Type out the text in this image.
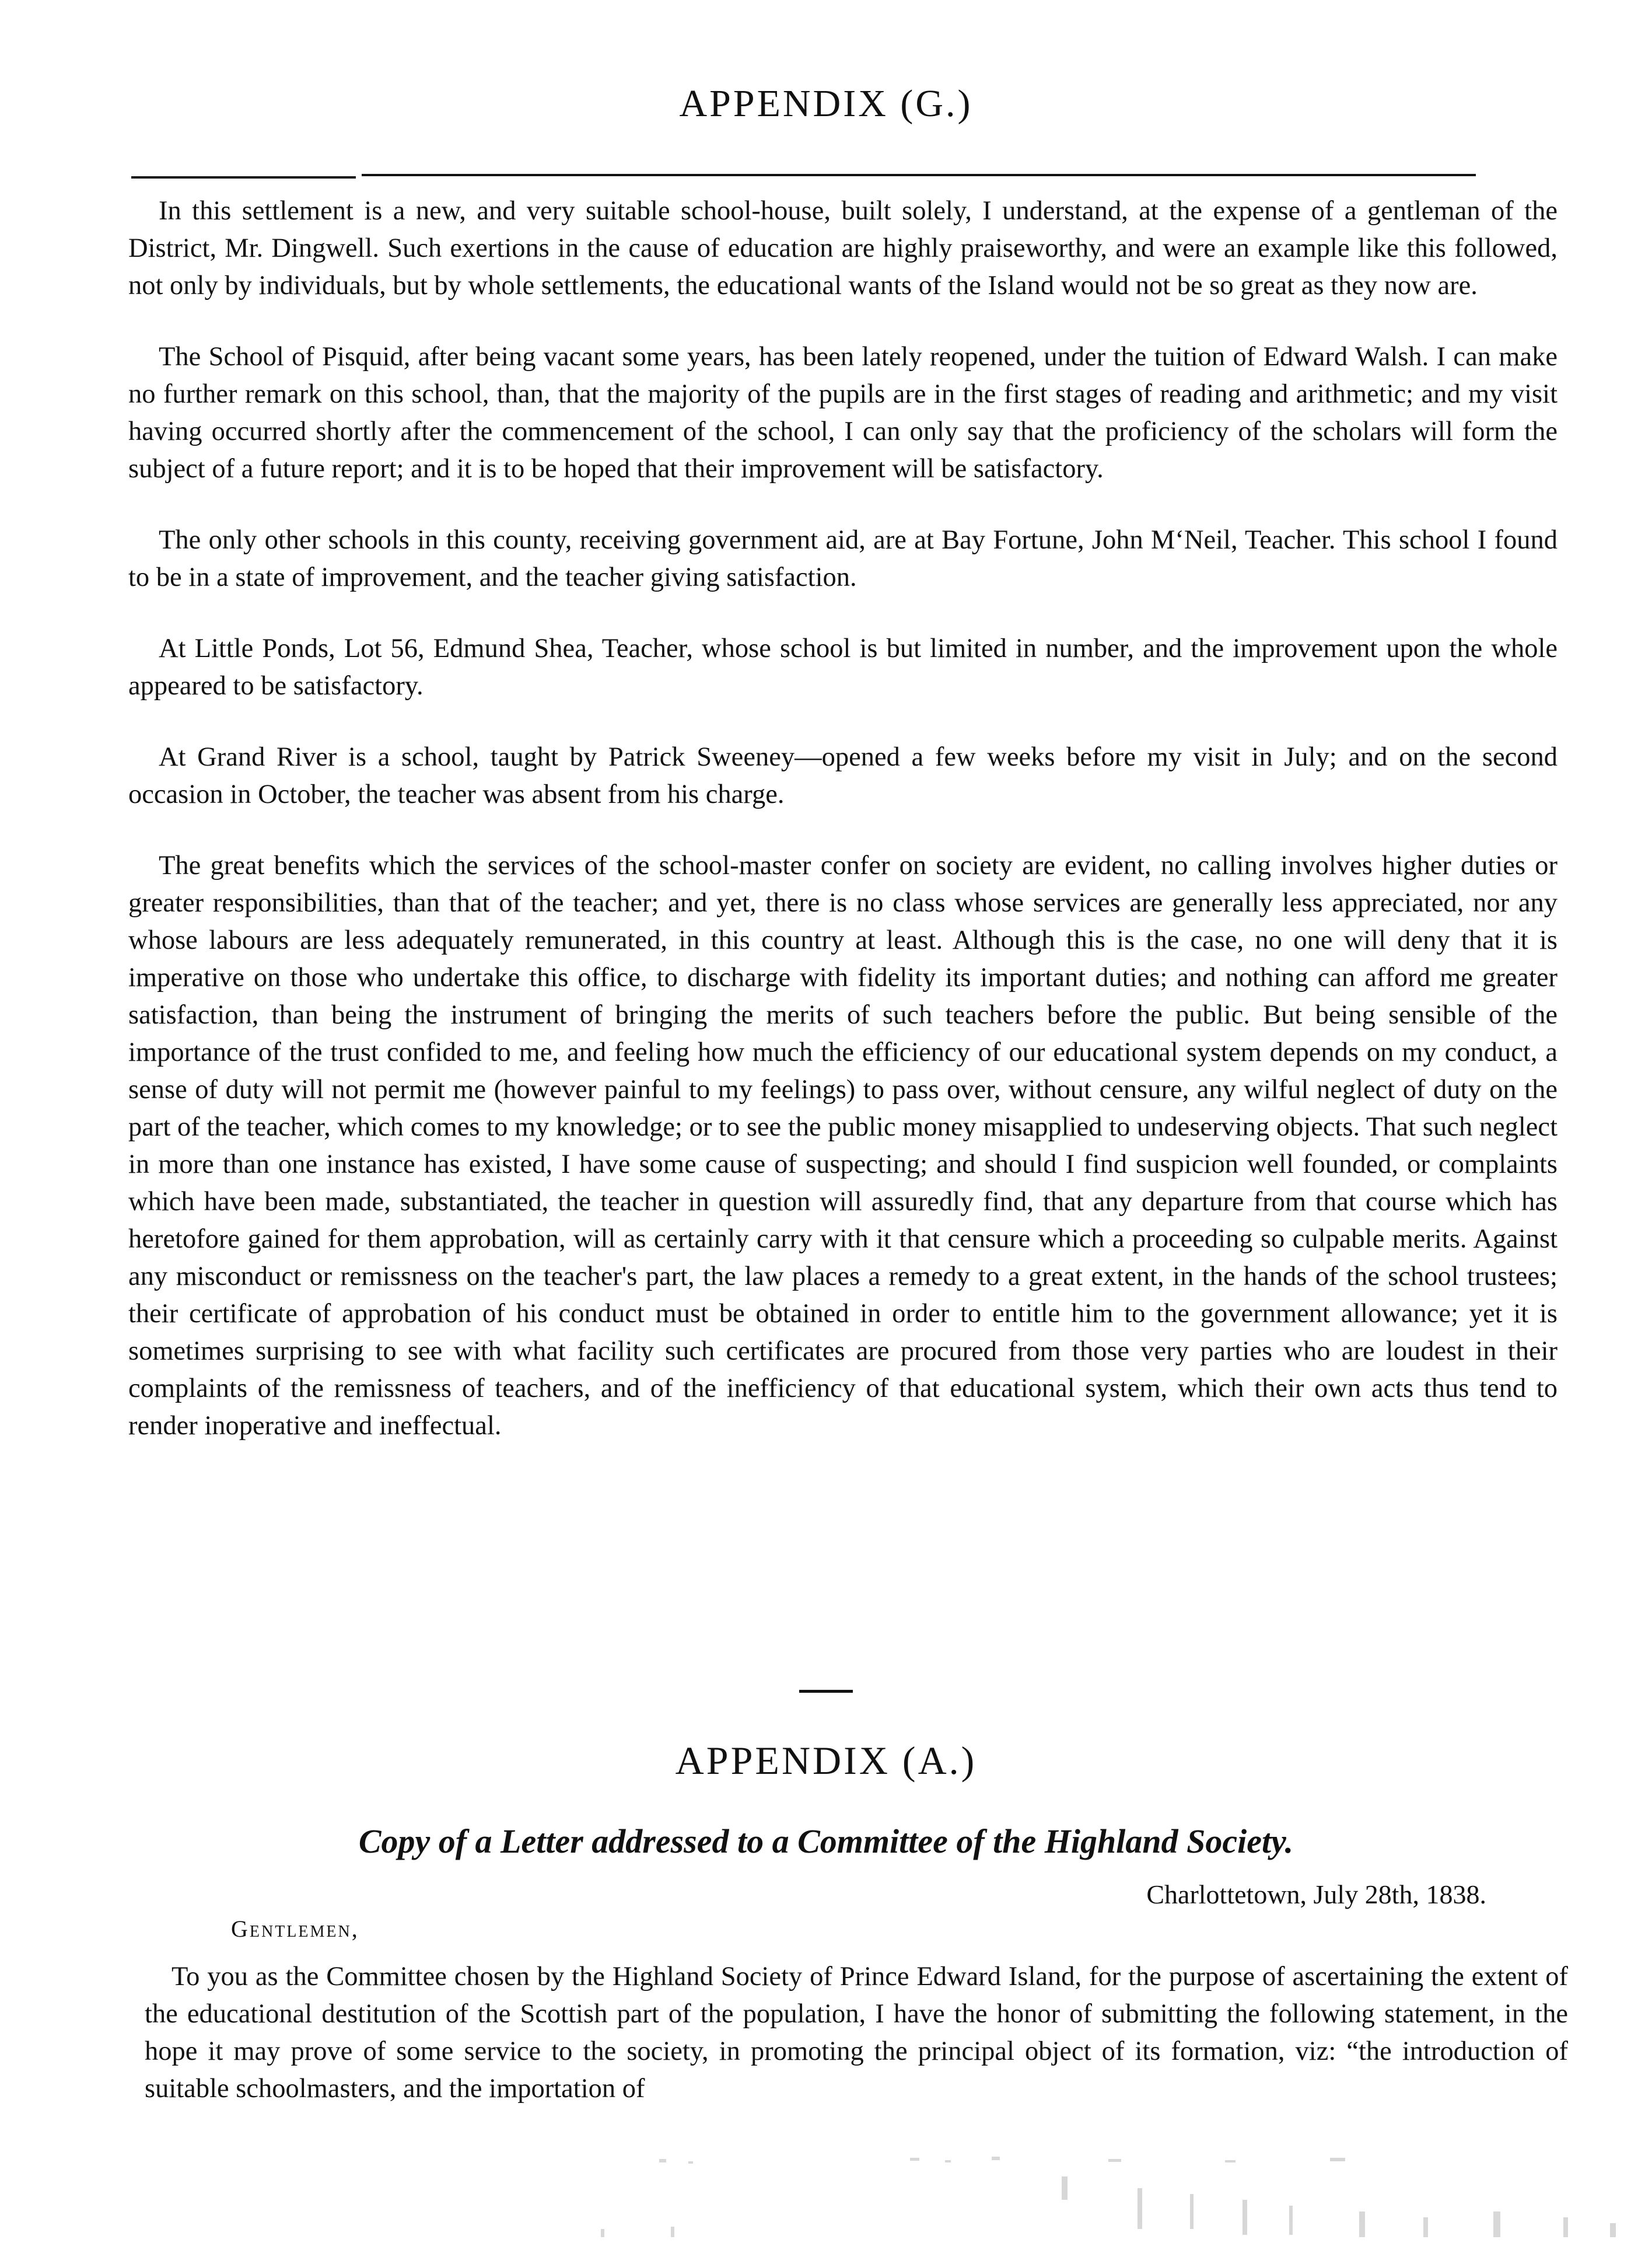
APPENDIX (G.)

In this settlement is a new, and very suitable school-house, built solely, I understand, at the expense of a gentleman of the District, Mr. Dingwell. Such exertions in the cause of education are highly praiseworthy, and were an example like this followed, not only by individuals, but by whole settlements, the educational wants of the Island would not be so great as they now are.

The School of Pisquid, after being vacant some years, has been lately reopened, under the tuition of Edward Walsh. I can make no further remark on this school, than, that the majority of the pupils are in the first stages of reading and arithmetic; and my visit having occurred shortly after the commencement of the school, I can only say that the proficiency of the scholars will form the subject of a future report; and it is to be hoped that their improvement will be satisfactory.

The only other schools in this county, receiving government aid, are at Bay Fortune, John M‘Neil, Teacher. This school I found to be in a state of improvement, and the teacher giving satisfaction.

At Little Ponds, Lot 56, Edmund Shea, Teacher, whose school is but limited in number, and the improvement upon the whole appeared to be satisfactory.

At Grand River is a school, taught by Patrick Sweeney—opened a few weeks before my visit in July; and on the second occasion in October, the teacher was absent from his charge.

The great benefits which the services of the school-master confer on society are evident, no calling involves higher duties or greater responsibilities, than that of the teacher; and yet, there is no class whose services are generally less appreciated, nor any whose labours are less adequately remunerated, in this country at least. Although this is the case, no one will deny that it is imperative on those who undertake this office, to discharge with fidelity its important duties; and nothing can afford me greater satisfaction, than being the instrument of bringing the merits of such teachers before the public. But being sensible of the importance of the trust confided to me, and feeling how much the efficiency of our educational system depends on my conduct, a sense of duty will not permit me (however painful to my feelings) to pass over, without censure, any wilful neglect of duty on the part of the teacher, which comes to my knowledge; or to see the public money misapplied to undeserving objects. That such neglect in more than one instance has existed, I have some cause of suspecting; and should I find suspicion well founded, or complaints which have been made, substantiated, the teacher in question will assuredly find, that any departure from that course which has heretofore gained for them approbation, will as certainly carry with it that censure which a proceeding so culpable merits. Against any misconduct or remissness on the teacher's part, the law places a remedy to a great extent, in the hands of the school trustees; their certificate of approbation of his conduct must be obtained in order to entitle him to the government allowance; yet it is sometimes surprising to see with what facility such certificates are procured from those very parties who are loudest in their complaints of the remissness of teachers, and of the inefficiency of that educational system, which their own acts thus tend to render inoperative and ineffectual.

APPENDIX (A.)
Copy of a Letter addressed to a Committee of the Highland Society.
Charlottetown, July 28th, 1838.
Gentlemen,

To you as the Committee chosen by the Highland Society of Prince Edward Island, for the purpose of ascertaining the extent of the educational destitution of the Scottish part of the population, I have the honor of submitting the following statement, in the hope it may prove of some service to the society, in promoting the principal object of its formation, viz: “the introduction of suitable schoolmasters, and the importation of
